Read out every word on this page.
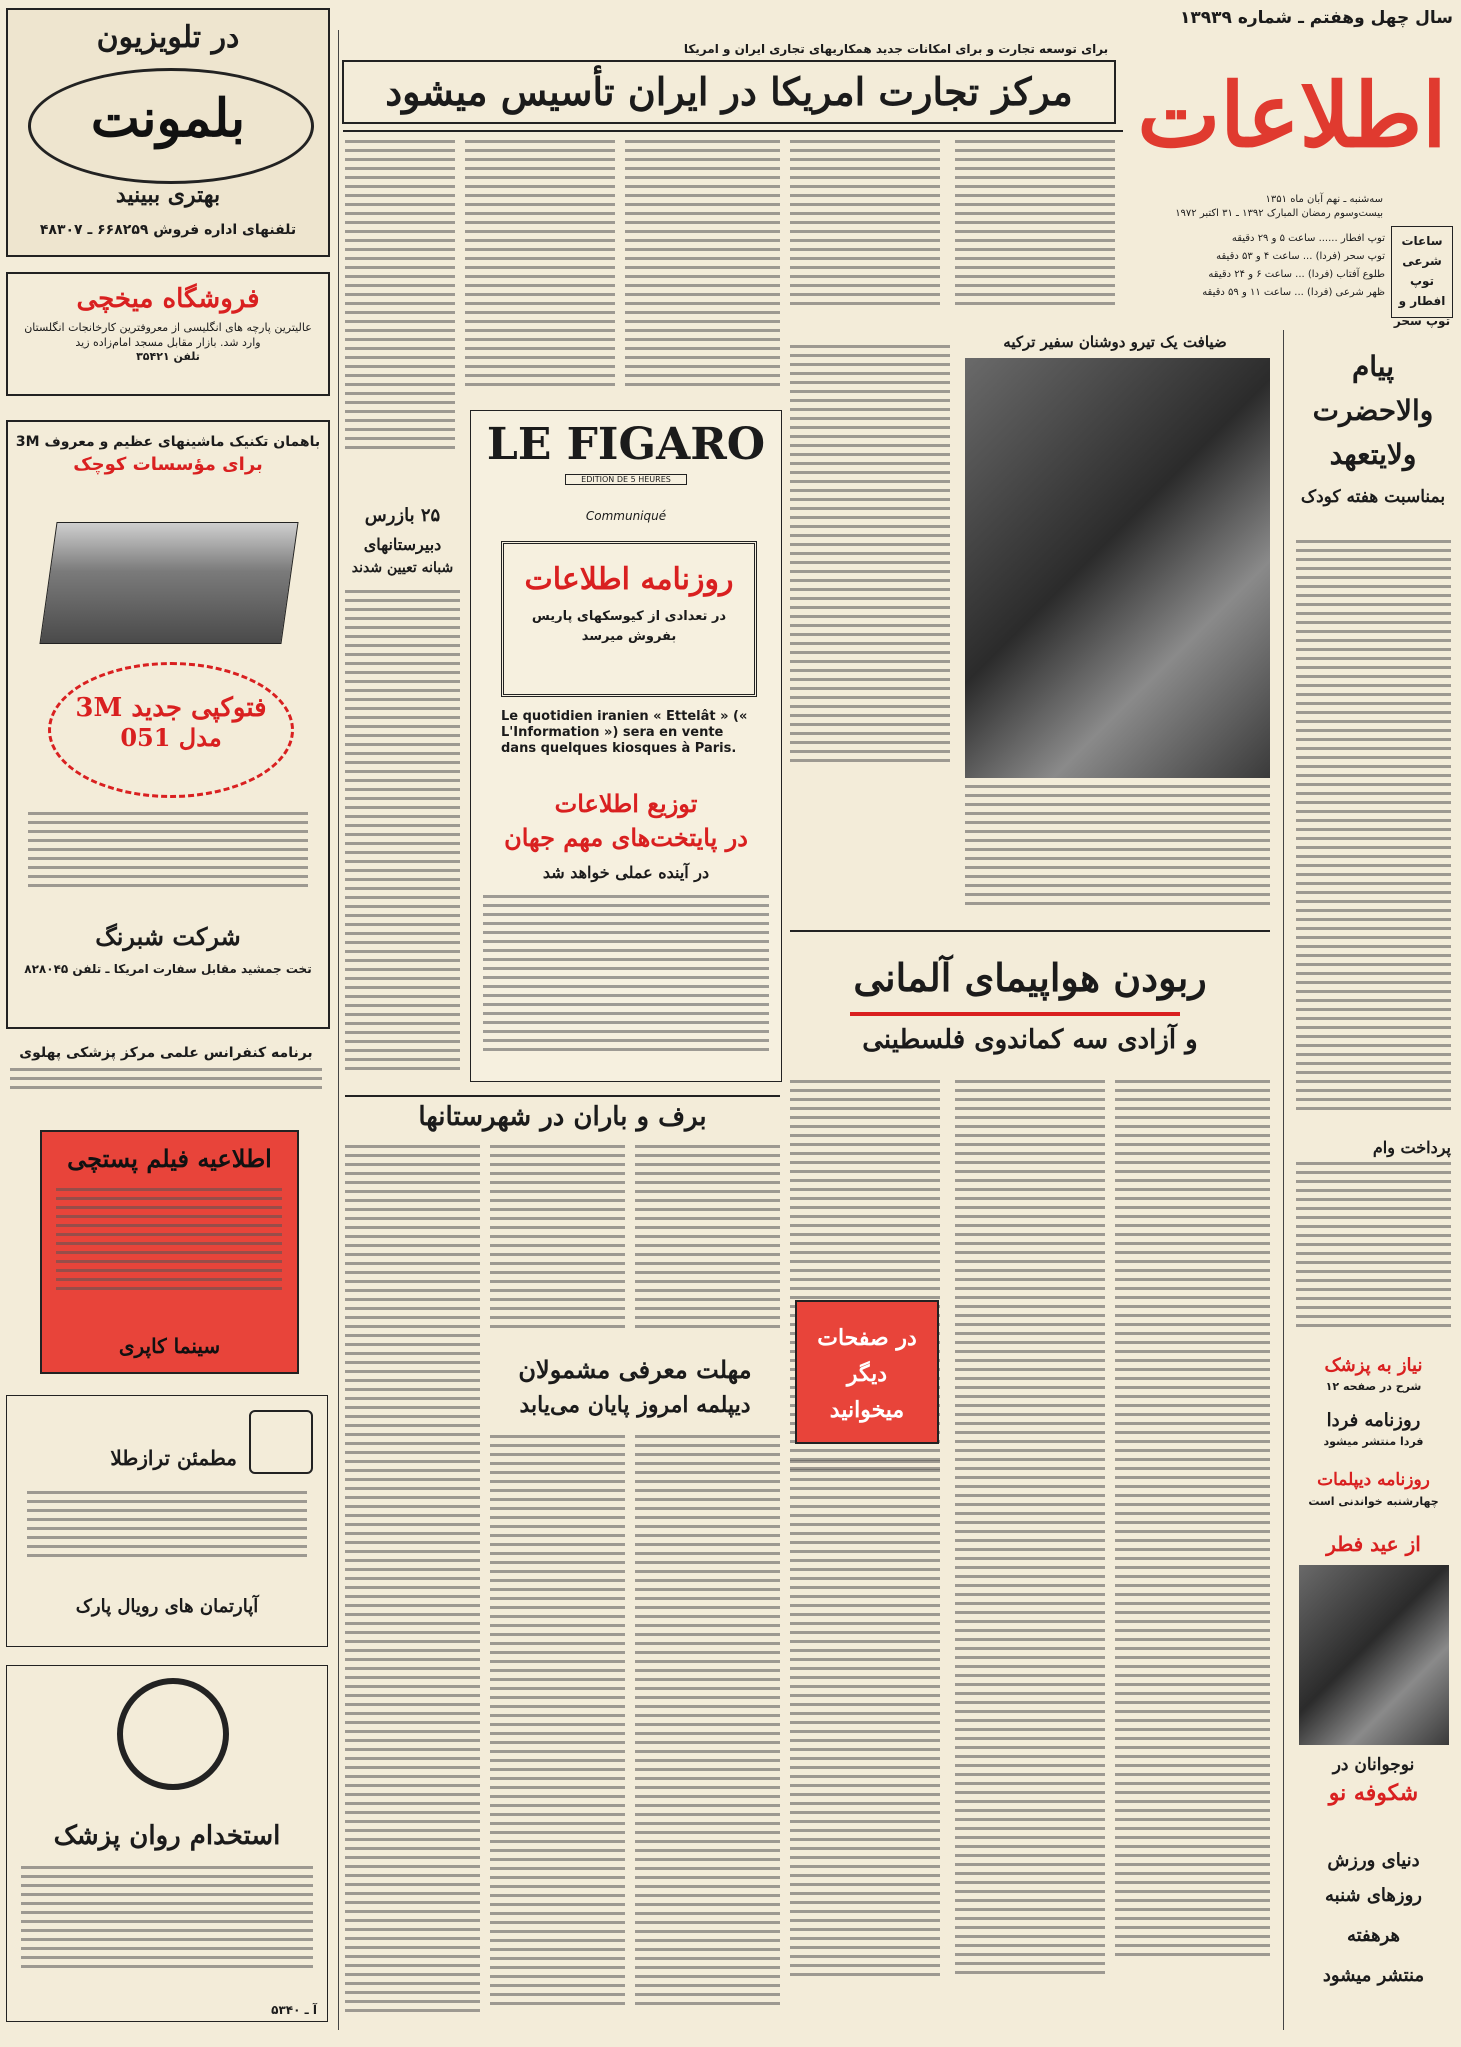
سال چهل وهفتم ـ شماره ۱۳۹۳۹
اطلاعات
سه‌شنبه ـ نهم آبان ماه ۱۳۵۱
بیست‌وسوم رمضان المبارک ۱۳۹۲ ـ ۳۱ اکتبر ۱۹۷۲
ساعات شرعی توپ افطار و توپ سحر
توپ افطار ...... ساعت ۵ و ۲۹ دقیقه
توپ سحر (فردا) ... ساعت ۴ و ۵۳ دقیقه
طلوع آفتاب (فردا) ... ساعت ۶ و ۲۴ دقیقه
ظهر شرعی (فردا) ... ساعت ۱۱ و ۵۹ دقیقه
برای توسعه تجارت و برای امکانات جدید همکاریهای تجاری ایران و امریکا
مرکز تجارت امریکا در ایران تأسیس میشود
در تلویزیون
بلمونت
بهتری ببینید
تلفنهای اداره فروش ۶۶۸۲۵۹ ـ ۴۸۳۰۷
فروشگاه میخچی
عالیترین پارچه های انگلیسی از معروفترین کارخانجات انگلستان وارد شد. بازار مقابل مسجد امام‌زاده زید
تلفن ۳۵۴۲۱
باهمان تکنیک ماشینهای عظیم و معروف 3M
برای مؤسسات کوچک
فتوکپی جدید 3M
مدل 051
شرکت شبرنگ
تخت جمشید مقابل سفارت امریکا ـ تلفن ۸۲۸۰۴۵
برنامه کنفرانس علمی مرکز پزشکی پهلوی
اطلاعیه فیلم پستچی
سینما کاپری
مطمئن ترازطلا
آپارتمان های رویال پارک
استخدام روان پزشک
آ ـ ۵۳۴۰
LE FIGARO
EDITION DE 5 HEURES
Communiqué
روزنامه اطلاعات
در تعدادی از کیوسکهای پاریس بفروش میرسد
Le quotidien iranien « Ettelât » (« L'Information ») sera en vente dans quelques kiosques à Paris.
توزیع اطلاعات
در پایتخت‌های مهم جهان
در آینده عملی خواهد شد
۲۵ بازرس
دبیرستانهای
شبانه تعیین شدند
ضیافت یک تیرو دوشنان سفیر ترکیه
ربودن هواپیمای آلمانی
و آزادی سه کماندوی فلسطینی
در صفحات دیگر میخوانید
برف و باران در شهرستانها
مهلت معرفی مشمولان
دیپلمه امروز پایان می‌یابد
پیام والاحضرت ولایتعهد
بمناسبت هفته کودک
پرداخت وام
نیاز به پزشک
شرح در صفحه ۱۲
روزنامه فردا
فردا منتشر میشود
روزنامه دیپلمات
چهارشنبه خواندنی است
از عید فطر
نوجوانان در
شکوفه نو
دنیای ورزش
روزهای شنبه
هرهفته
منتشر میشود
